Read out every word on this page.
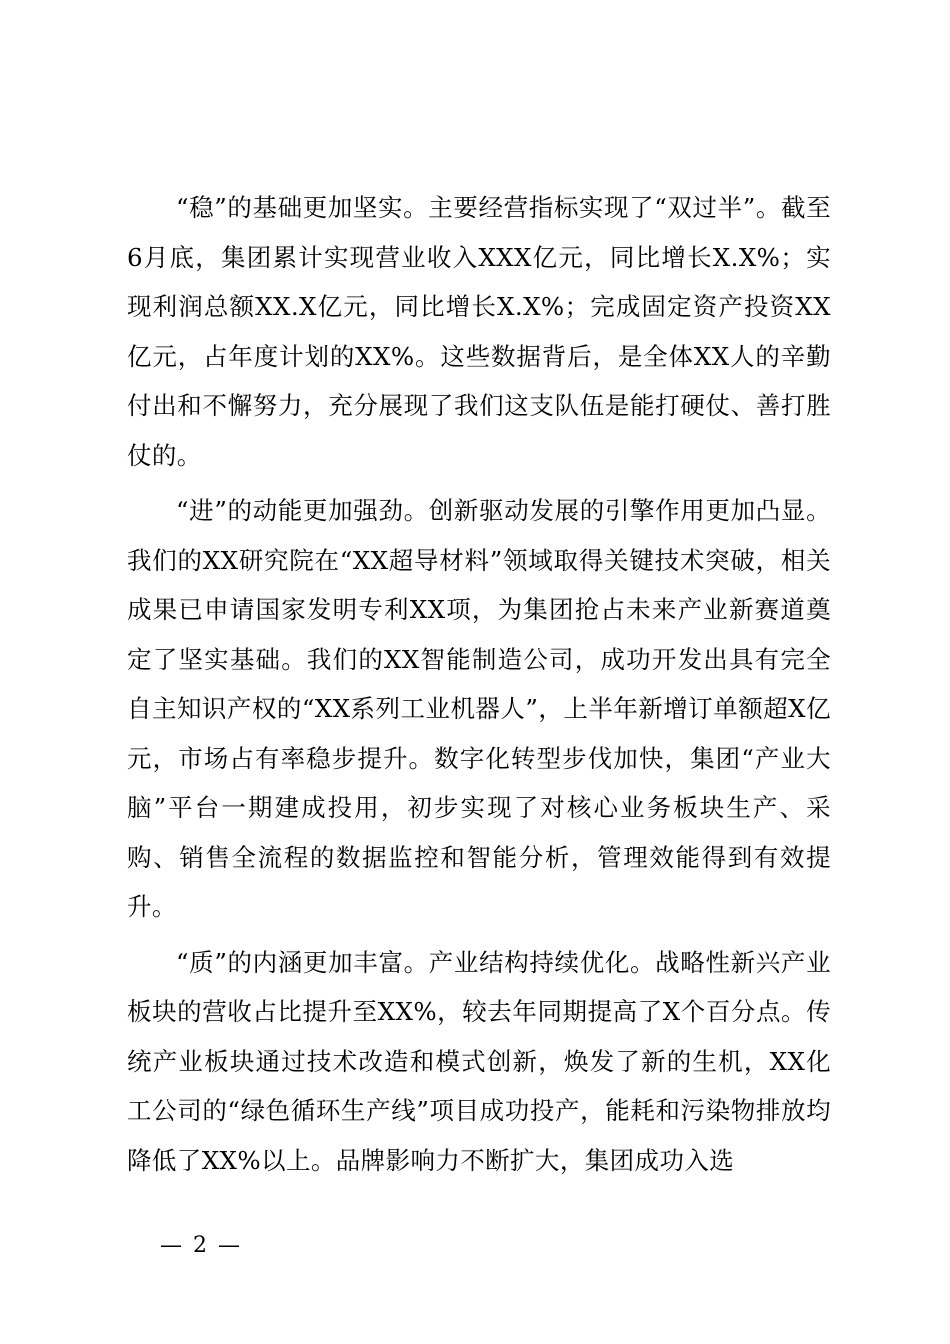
“稳”的基础更加坚实。主要经营指标实现了“双过半”。截至6月底，集团累计实现营业收入XXX亿元，同比增长X.X%；实现利润总额XX.X亿元，同比增长X.X%；完成固定资产投资XX亿元，占年度计划的XX%。这些数据背后，是全体XX人的辛勤付出和不懈努力，充分展现了我们这支队伍是能打硬仗、善打胜仗的。

“进”的动能更加强劲。创新驱动发展的引擎作用更加凸显。我们的XX研究院在“XX超导材料”领域取得关键技术突破，相关成果已申请国家发明专利XX项，为集团抢占未来产业新赛道奠定了坚实基础。我们的XX智能制造公司，成功开发出具有完全自主知识产权的“XX系列工业机器人”，上半年新增订单额超X亿元，市场占有率稳步提升。数字化转型步伐加快，集团“产业大脑”平台一期建成投用，初步实现了对核心业务板块生产、采购、销售全流程的数据监控和智能分析，管理效能得到有效提升。

“质”的内涵更加丰富。产业结构持续优化。战略性新兴产业板块的营收占比提升至XX%，较去年同期提高了X个百分点。传统产业板块通过技术改造和模式创新，焕发了新的生机，XX化工公司的“绿色循环生产线”项目成功投产，能耗和污染物排放均降低了XX%以上。品牌影响力不断扩大，集团成功入选

— 2 —
